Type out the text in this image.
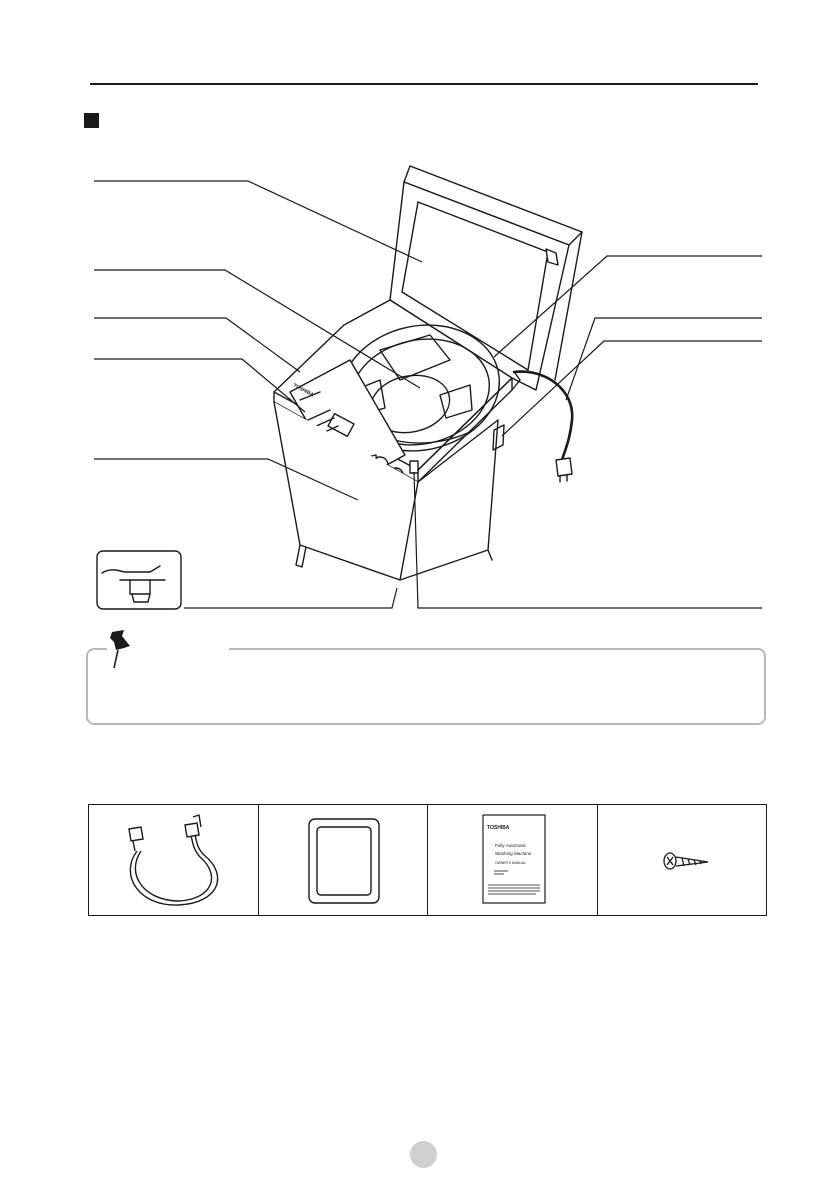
TOSHIBA
TOSHIBA
Fully Automatic
Washing Machine
OWNER'S MANUAL
